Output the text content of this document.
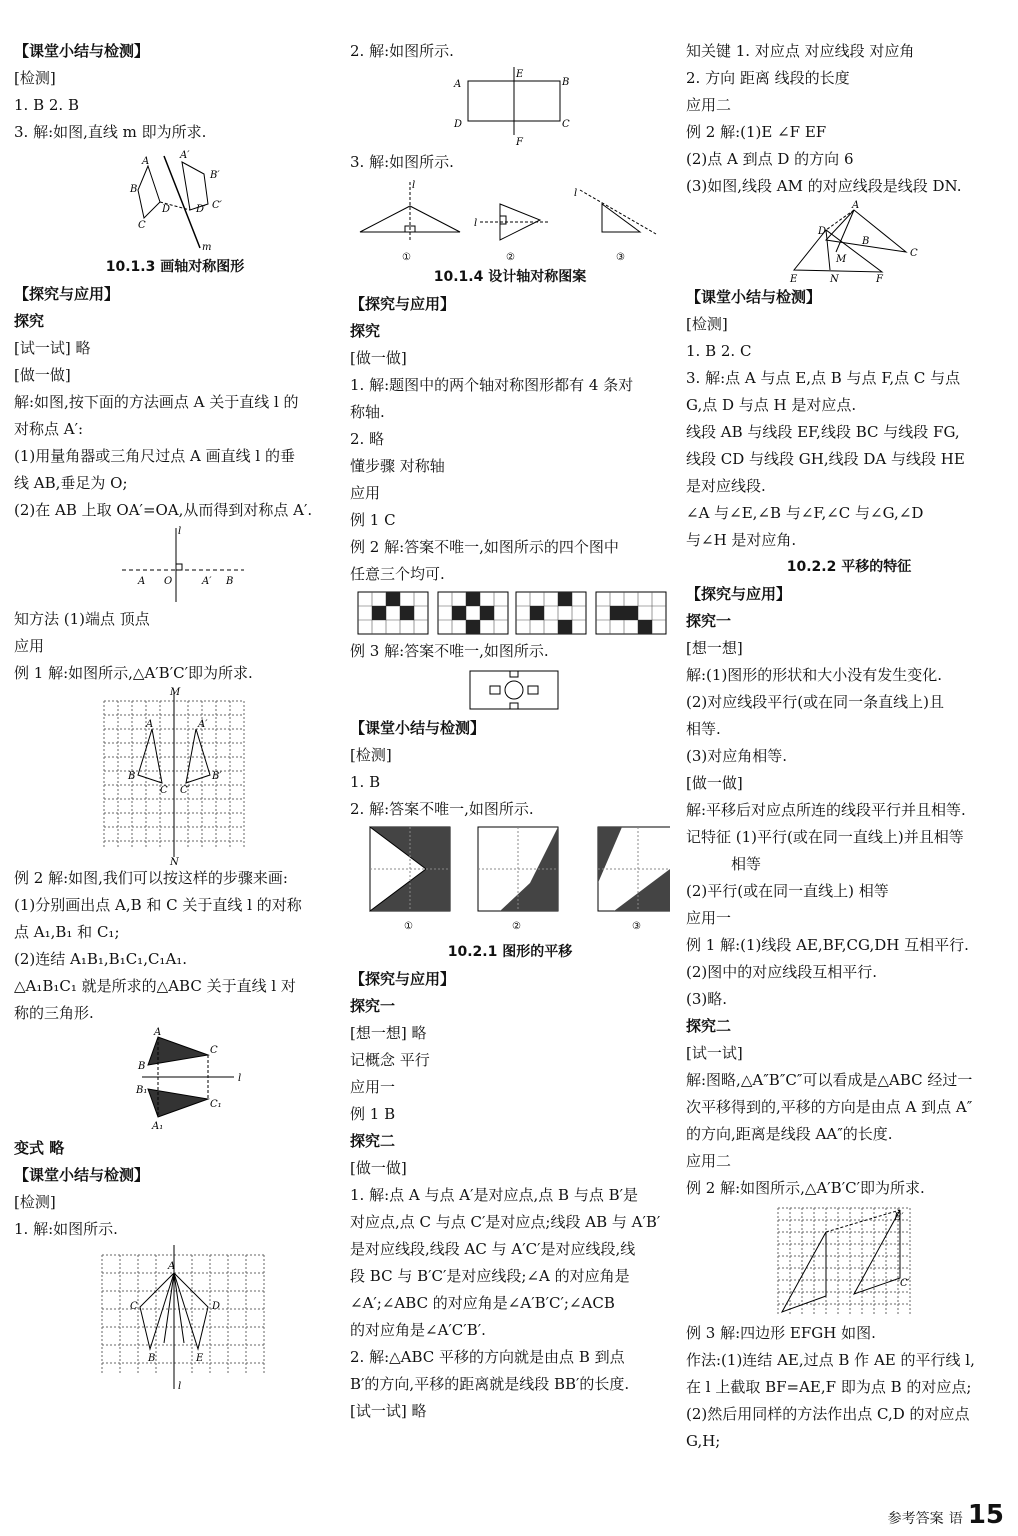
【课堂小结与检测】
[检测]
1. B 2. B
3. 解:如图,直线 m 即为所求.
A
A′
B
B′
C
C′
D	D′
m
10.1.3 画轴对称图形
【探究与应用】
探究
[试一试] 略
[做一做]
解:如图,按下面的方法画点 A 关于直线 l 的
对称点 A′:
(1)用量角器或三角尺过点 A 画直线 l 的垂
线 AB,垂足为 O;
(2)在 AB 上取 OA′=OA,从而得到对称点 A′.
l
A O	A′ B
知方法 (1)端点 顶点
应用
例 1 解:如图所示,△A′B′C′即为所求.
M
N
A	A′
B	B′
C C′
例 2 解:如图,我们可以按这样的步骤来画:
(1)分别画出点 A,B 和 C 关于直线 l 的对称
点 A₁,B₁ 和 C₁;
(2)连结 A₁B₁,B₁C₁,C₁A₁.
△A₁B₁C₁ 就是所求的△ABC 关于直线 l 对
称的三角形.
A
B
C
l
B₁
C₁
A₁
变式 略
【课堂小结与检测】
[检测]
1. 解:如图所示.
A
C	D
B	E
l
2. 解:如图所示.
A
E
B
D
F
C
3. 解:如图所示.
l
l
l
①	②	③
10.1.4 设计轴对称图案
【探究与应用】
探究
[做一做]
1. 解:题图中的两个轴对称图形都有 4 条对
称轴.
2. 略
懂步骤 对称轴
应用
例 1 C
例 2 解:答案不唯一,如图所示的四个图中
任意三个均可.
例 3 解:答案不唯一,如图所示.
【课堂小结与检测】
[检测]
1. B
2. 解:答案不唯一,如图所示.
①	②	③
10.2.1 图形的平移
【探究与应用】
探究一
[想一想] 略
记概念 平行
应用一
例 1 B
探究二
[做一做]
1. 解:点 A 与点 A′是对应点,点 B 与点 B′是
对应点,点 C 与点 C′是对应点;线段 AB 与 A′B′
是对应线段,线段 AC 与 A′C′是对应线段,线
段 BC 与 B′C′是对应线段;∠A 的对应角是
∠A′;∠ABC 的对应角是∠A′B′C′;∠ACB
的对应角是∠A′C′B′.
2. 解:△ABC 平移的方向就是由点 B 到点
B′的方向,平移的距离就是线段 BB′的长度.
[试一试] 略
知关键 1. 对应点 对应线段 对应角
2. 方向 距离 线段的长度
应用二
例 2 解:(1)E ∠F EF
(2)点 A 到点 D 的方向 6
(3)如图,线段 AM 的对应线段是线段 DN.
A
D
C
B
M
E	N	F
【课堂小结与检测】
[检测]
1. B 2. C
3. 解:点 A 与点 E,点 B 与点 F,点 C 与点
G,点 D 与点 H 是对应点.
线段 AB 与线段 EF,线段 BC 与线段 FG,
线段 CD 与线段 GH,线段 DA 与线段 HE
是对应线段.
∠A 与∠E,∠B 与∠F,∠C 与∠G,∠D
与∠H 是对应角.
10.2.2 平移的特征
【探究与应用】
探究一
[想一想]
解:(1)图形的形状和大小没有发生变化.
(2)对应线段平行(或在同一条直线上)且
相等.
(3)对应角相等.
[做一做]
解:平移后对应点所连的线段平行并且相等.
记特征 (1)平行(或在同一直线上)并且相等
相等
(2)平行(或在同一直线上) 相等
应用一
例 1 解:(1)线段 AE,BF,CG,DH 互相平行.
(2)图中的对应线段互相平行.
(3)略.
探究二
[试一试]
解:图略,△A″B″C″可以看成是△ABC 经过一
次平移得到的,平移的方向是由点 A 到点 A″
的方向,距离是线段 AA″的长度.
应用二
例 2 解:如图所示,△A′B′C′即为所求.
B′
C′
例 3 解:四边形 EFGH 如图.
作法:(1)连结 AE,过点 B 作 AE 的平行线 l,
在 l 上截取 BF=AE,F 即为点 B 的对应点;
(2)然后用同样的方法作出点 C,D 的对应点
G,H;
参考答案 语 15
